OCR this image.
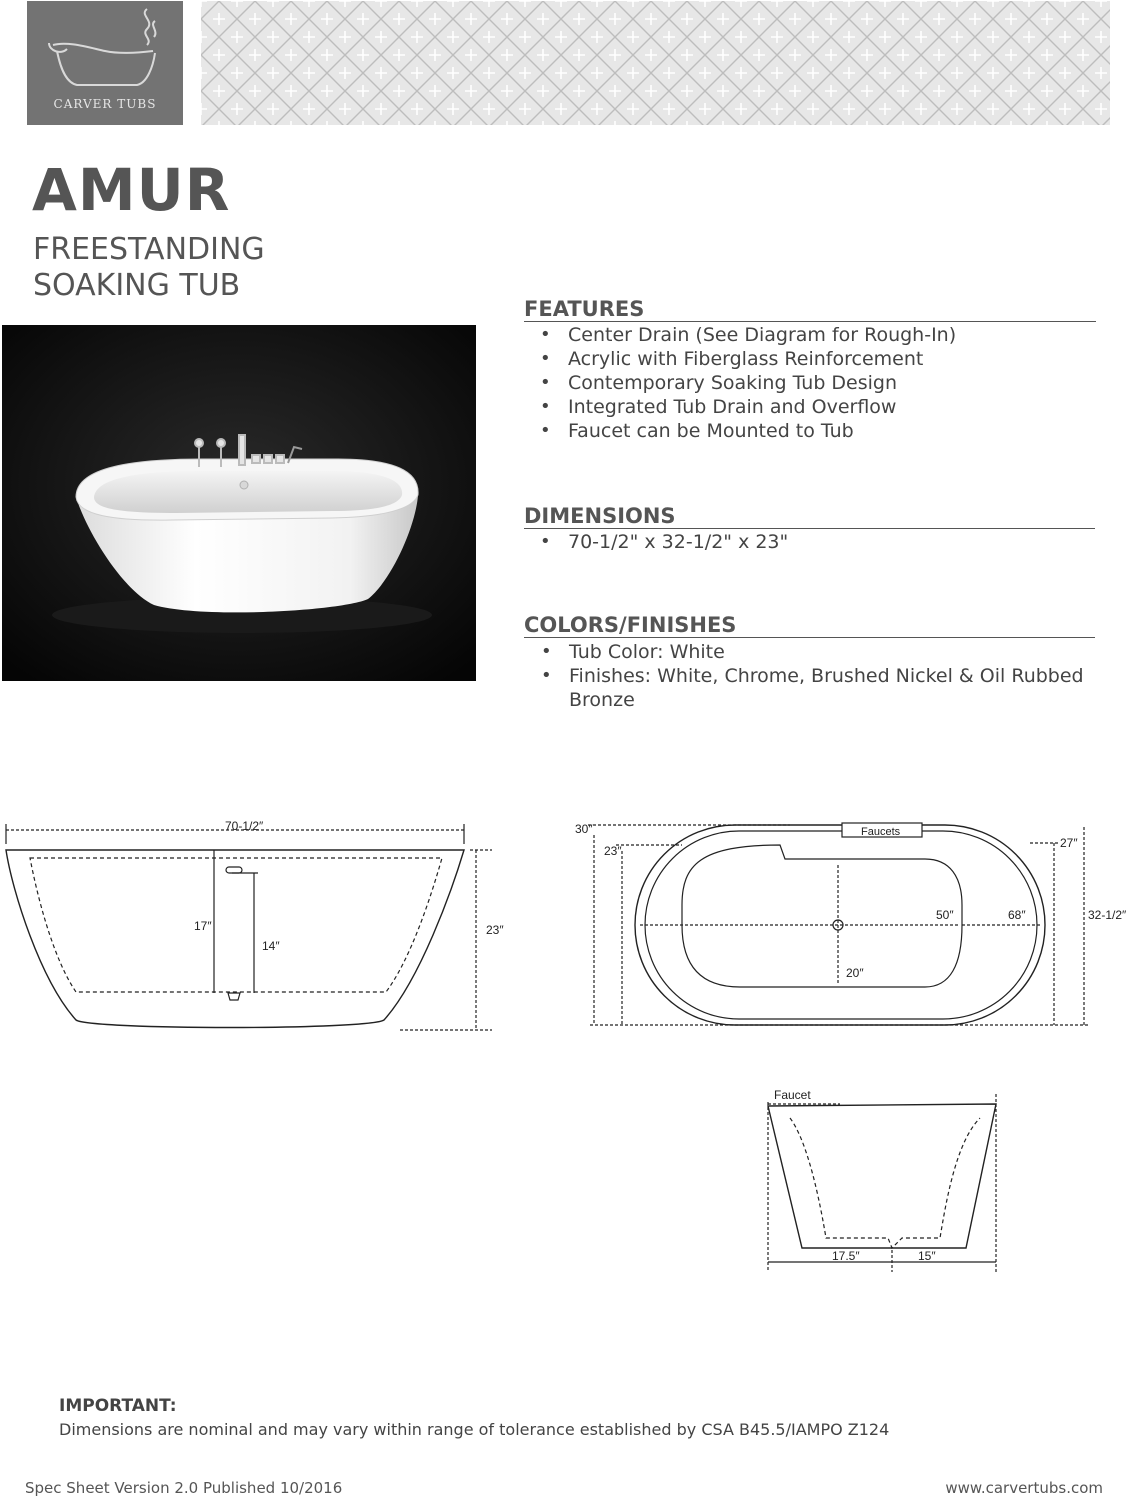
CARVER TUBS
AMUR
FREESTANDING
SOAKING TUB
FEATURES
• Center Drain (See Diagram for Rough-In)
• Acrylic with Fiberglass Reinforcement
• Contemporary Soaking Tub Design
• Integrated Tub Drain and Overflow
• Faucet can be Mounted to Tub
DIMENSIONS
• 70-1/2" x 32-1/2" x 23"
COLORS/FINISHES
• Tub Color: White
• Finishes: White, Chrome, Brushed Nickel & Oil Rubbed Bronze
70-1/2″
23″
17″
14″
30″
23″
Faucets
50″	68″
27″
32-1/2″
20″
Faucet
17.5″	15″
IMPORTANT:
Dimensions are nominal and may vary within range of tolerance established by CSA B45.5/IAMPO Z124
Spec Sheet Version 2.0 Published 10/2016	www.carvertubs.com
